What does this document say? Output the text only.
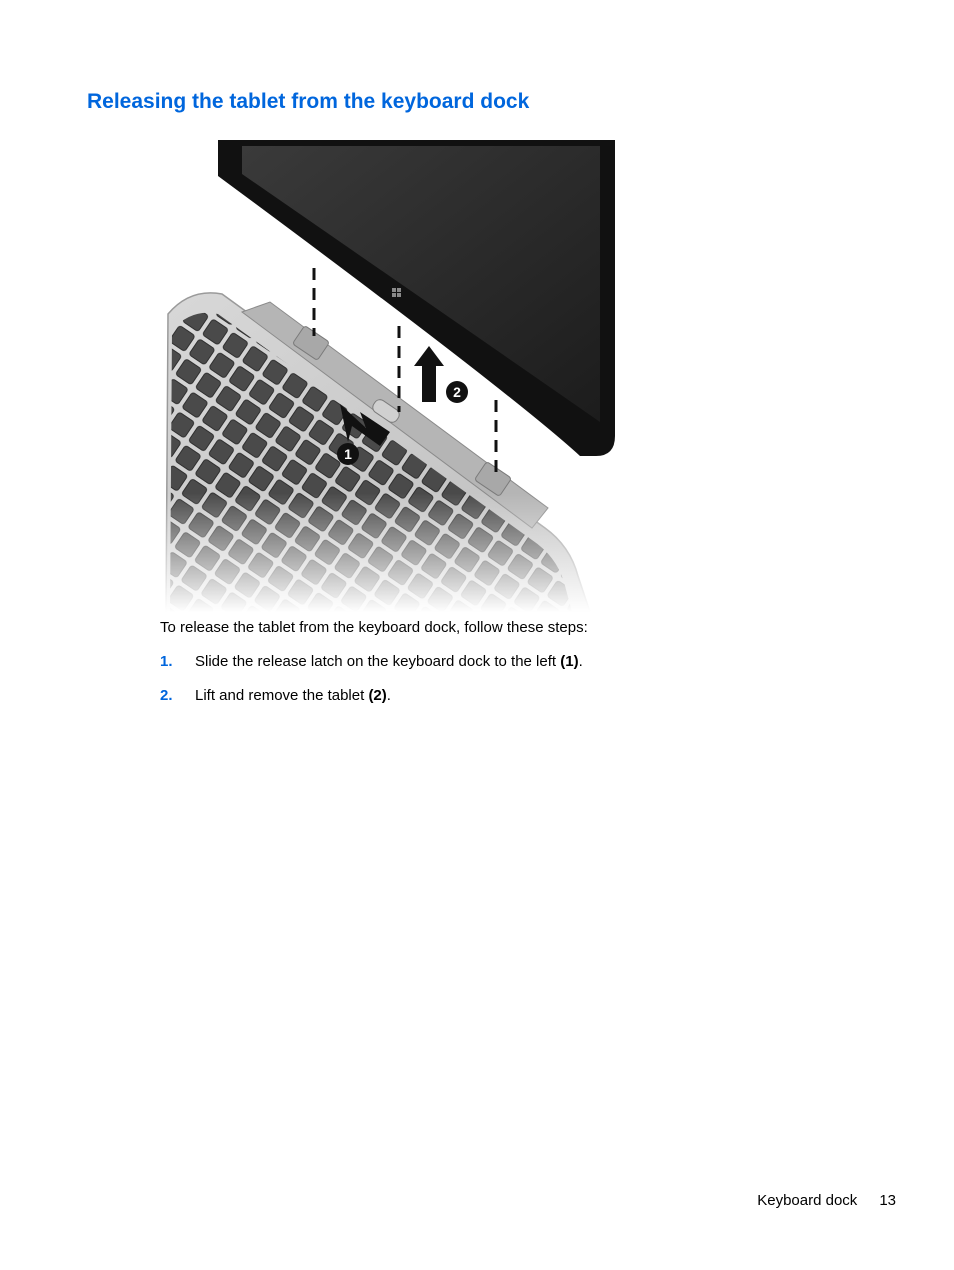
Releasing the tablet from the keyboard dock
To release the tablet from the keyboard dock, follow these steps:
1. Slide the release latch on the keyboard dock to the left (1).
2. Lift and remove the tablet (2).
Keyboard dock 13
